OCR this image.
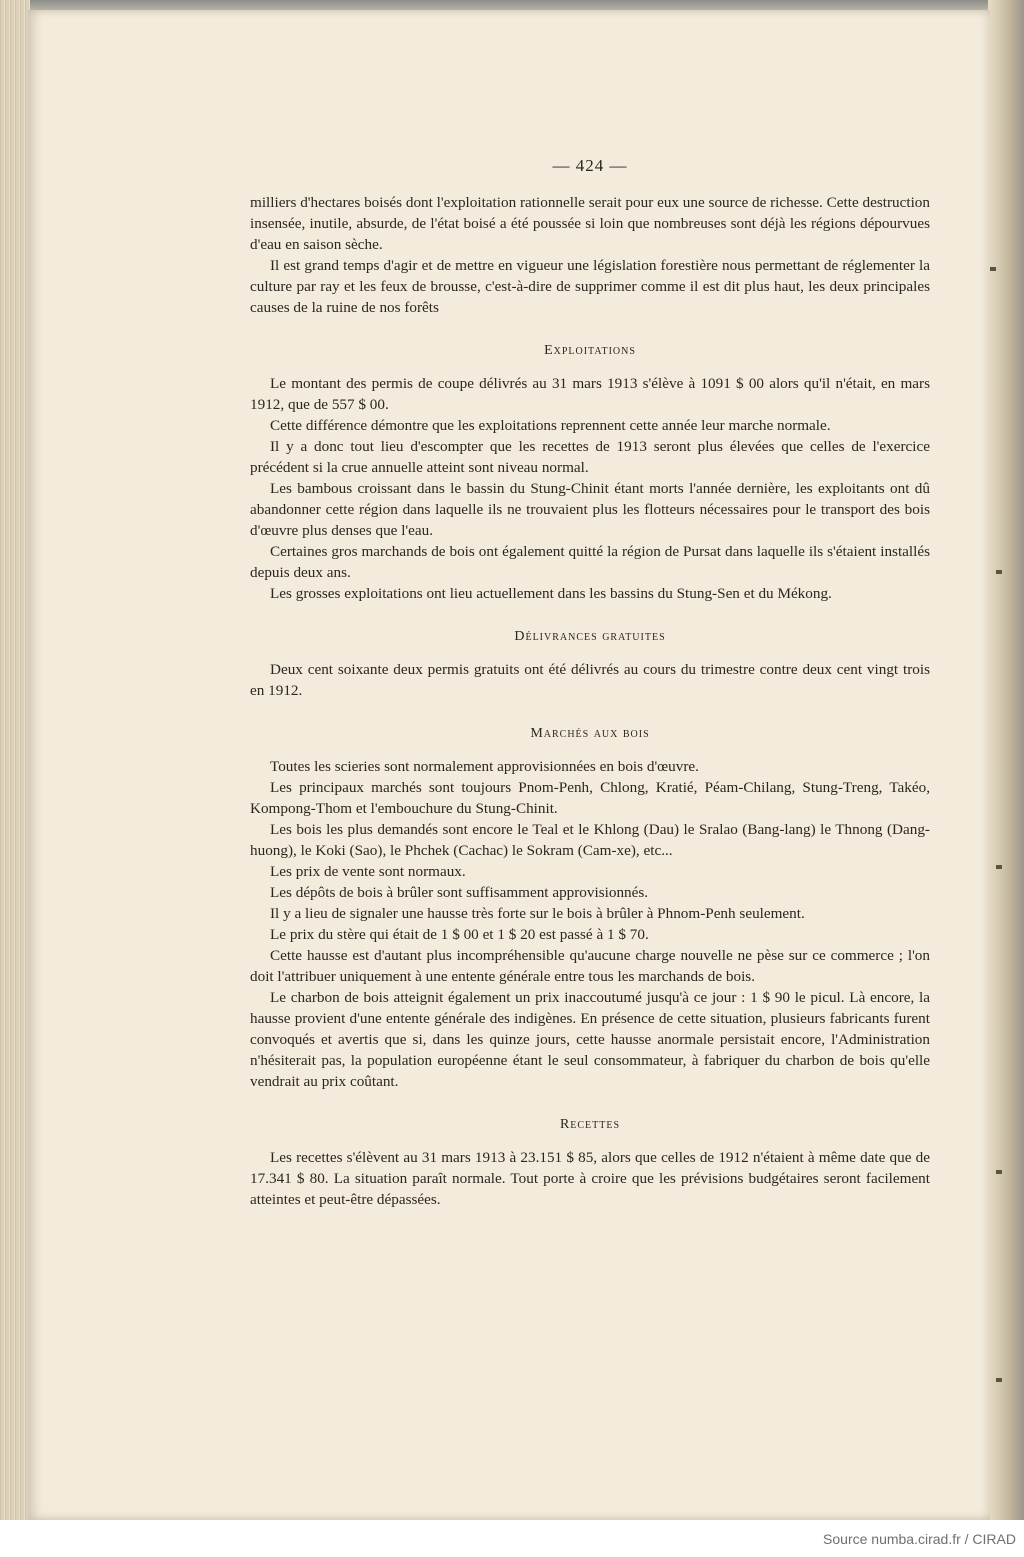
— 424 —

milliers d'hectares boisés dont l'exploitation rationnelle serait pour eux une source de richesse. Cette destruction insensée, inutile, absurde, de l'état boisé a été poussée si loin que nombreuses sont déjà les régions dépourvues d'eau en saison sèche.

Il est grand temps d'agir et de mettre en vigueur une législation forestière nous permettant de réglementer la culture par ray et les feux de brousse, c'est-à-dire de supprimer comme il est dit plus haut, les deux principales causes de la ruine de nos forêts

Exploitations

Le montant des permis de coupe délivrés au 31 mars 1913 s'élève à 1091 $ 00 alors qu'il n'était, en mars 1912, que de 557 $ 00.

Cette différence démontre que les exploitations reprennent cette année leur marche normale.

Il y a donc tout lieu d'escompter que les recettes de 1913 seront plus élevées que celles de l'exercice précédent si la crue annuelle atteint sont niveau normal.

Les bambous croissant dans le bassin du Stung-Chinit étant morts l'année dernière, les exploitants ont dû abandonner cette région dans laquelle ils ne trouvaient plus les flotteurs nécessaires pour le transport des bois d'œuvre plus denses que l'eau.

Certaines gros marchands de bois ont également quitté la région de Pursat dans laquelle ils s'étaient installés depuis deux ans.

Les grosses exploitations ont lieu actuellement dans les bassins du Stung-Sen et du Mékong.

Délivrances gratuites

Deux cent soixante deux permis gratuits ont été délivrés au cours du trimestre contre deux cent vingt trois en 1912.

Marchés aux bois

Toutes les scieries sont normalement approvisionnées en bois d'œuvre.

Les principaux marchés sont toujours Pnom-Penh, Chlong, Kratié, Péam-Chilang, Stung-Treng, Takéo, Kompong-Thom et l'embouchure du Stung-Chinit.

Les bois les plus demandés sont encore le Teal et le Khlong (Dau) le Sralao (Bang-lang) le Thnong (Dang-huong), le Koki (Sao), le Phchek (Cachac) le Sokram (Cam-xe), etc...

Les prix de vente sont normaux.

Les dépôts de bois à brûler sont suffisamment approvisionnés.

Il y a lieu de signaler une hausse très forte sur le bois à brûler à Phnom-Penh seulement.

Le prix du stère qui était de 1 $ 00 et 1 $ 20 est passé à 1 $ 70.

Cette hausse est d'autant plus incompréhensible qu'aucune charge nouvelle ne pèse sur ce commerce ; l'on doit l'attribuer uniquement à une entente générale entre tous les marchands de bois.

Le charbon de bois atteignit également un prix inaccoutumé jusqu'à ce jour : 1 $ 90 le picul. Là encore, la hausse provient d'une entente générale des indigènes. En présence de cette situation, plusieurs fabricants furent convoqués et avertis que si, dans les quinze jours, cette hausse anormale persistait encore, l'Administration n'hésiterait pas, la population européenne étant le seul consommateur, à fabriquer du charbon de bois qu'elle vendrait au prix coûtant.

Recettes

Les recettes s'élèvent au 31 mars 1913 à 23.151 $ 85, alors que celles de 1912 n'étaient à même date que de 17.341 $ 80. La situation paraît normale. Tout porte à croire que les prévisions budgétaires seront facilement atteintes et peut-être dépassées.

Source numba.cirad.fr / CIRAD
